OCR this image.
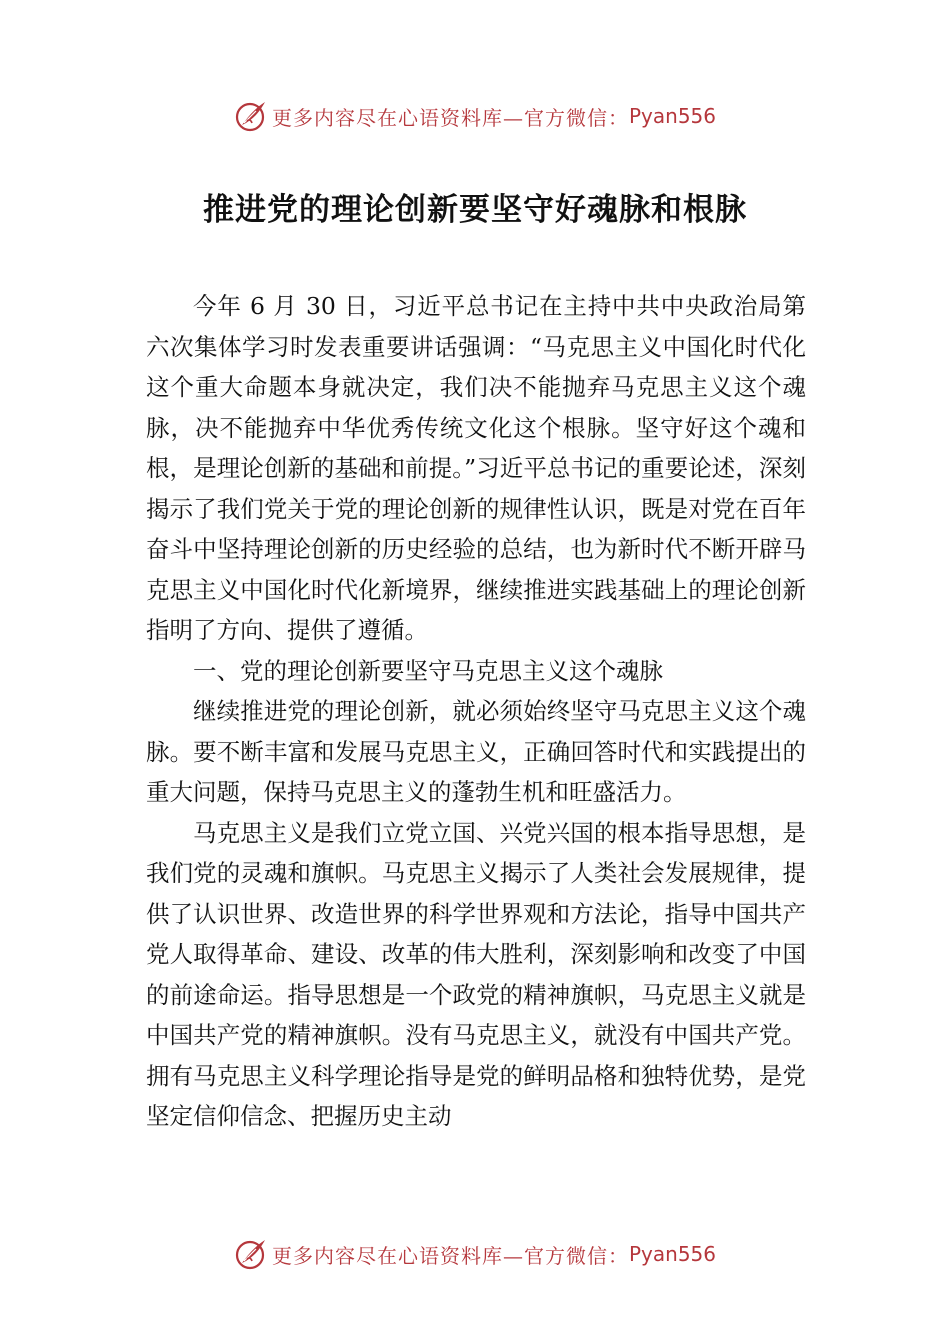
更多内容尽在心语资料库—官方微信： Pyan556
推进党的理论创新要坚守好魂脉和根脉

今年 6 月 30 日，习近平总书记在主持中共中央政治局第六次集体学习时发表重要讲话强调：“马克思主义中国化时代化这个重大命题本身就决定，我们决不能抛弃马克思主义这个魂脉，决不能抛弃中华优秀传统文化这个根脉。坚守好这个魂和根，是理论创新的基础和前提。”习近平总书记的重要论述，深刻揭示了我们党关于党的理论创新的规律性认识，既是对党在百年奋斗中坚持理论创新的历史经验的总结，也为新时代不断开辟马克思主义中国化时代化新境界，继续推进实践基础上的理论创新指明了方向、提供了遵循。

一、党的理论创新要坚守马克思主义这个魂脉

继续推进党的理论创新，就必须始终坚守马克思主义这个魂脉。要不断丰富和发展马克思主义，正确回答时代和实践提出的重大问题，保持马克思主义的蓬勃生机和旺盛活力。

马克思主义是我们立党立国、兴党兴国的根本指导思想，是我们党的灵魂和旗帜。马克思主义揭示了人类社会发展规律，提供了认识世界、改造世界的科学世界观和方法论，指导中国共产党人取得革命、建设、改革的伟大胜利，深刻影响和改变了中国的前途命运。指导思想是一个政党的精神旗帜，马克思主义就是中国共产党的精神旗帜。没有马克思主义，就没有中国共产党。拥有马克思主义科学理论指导是党的鲜明品格和独特优势，是党坚定信仰信念、把握历史主动

更多内容尽在心语资料库—官方微信： Pyan556
